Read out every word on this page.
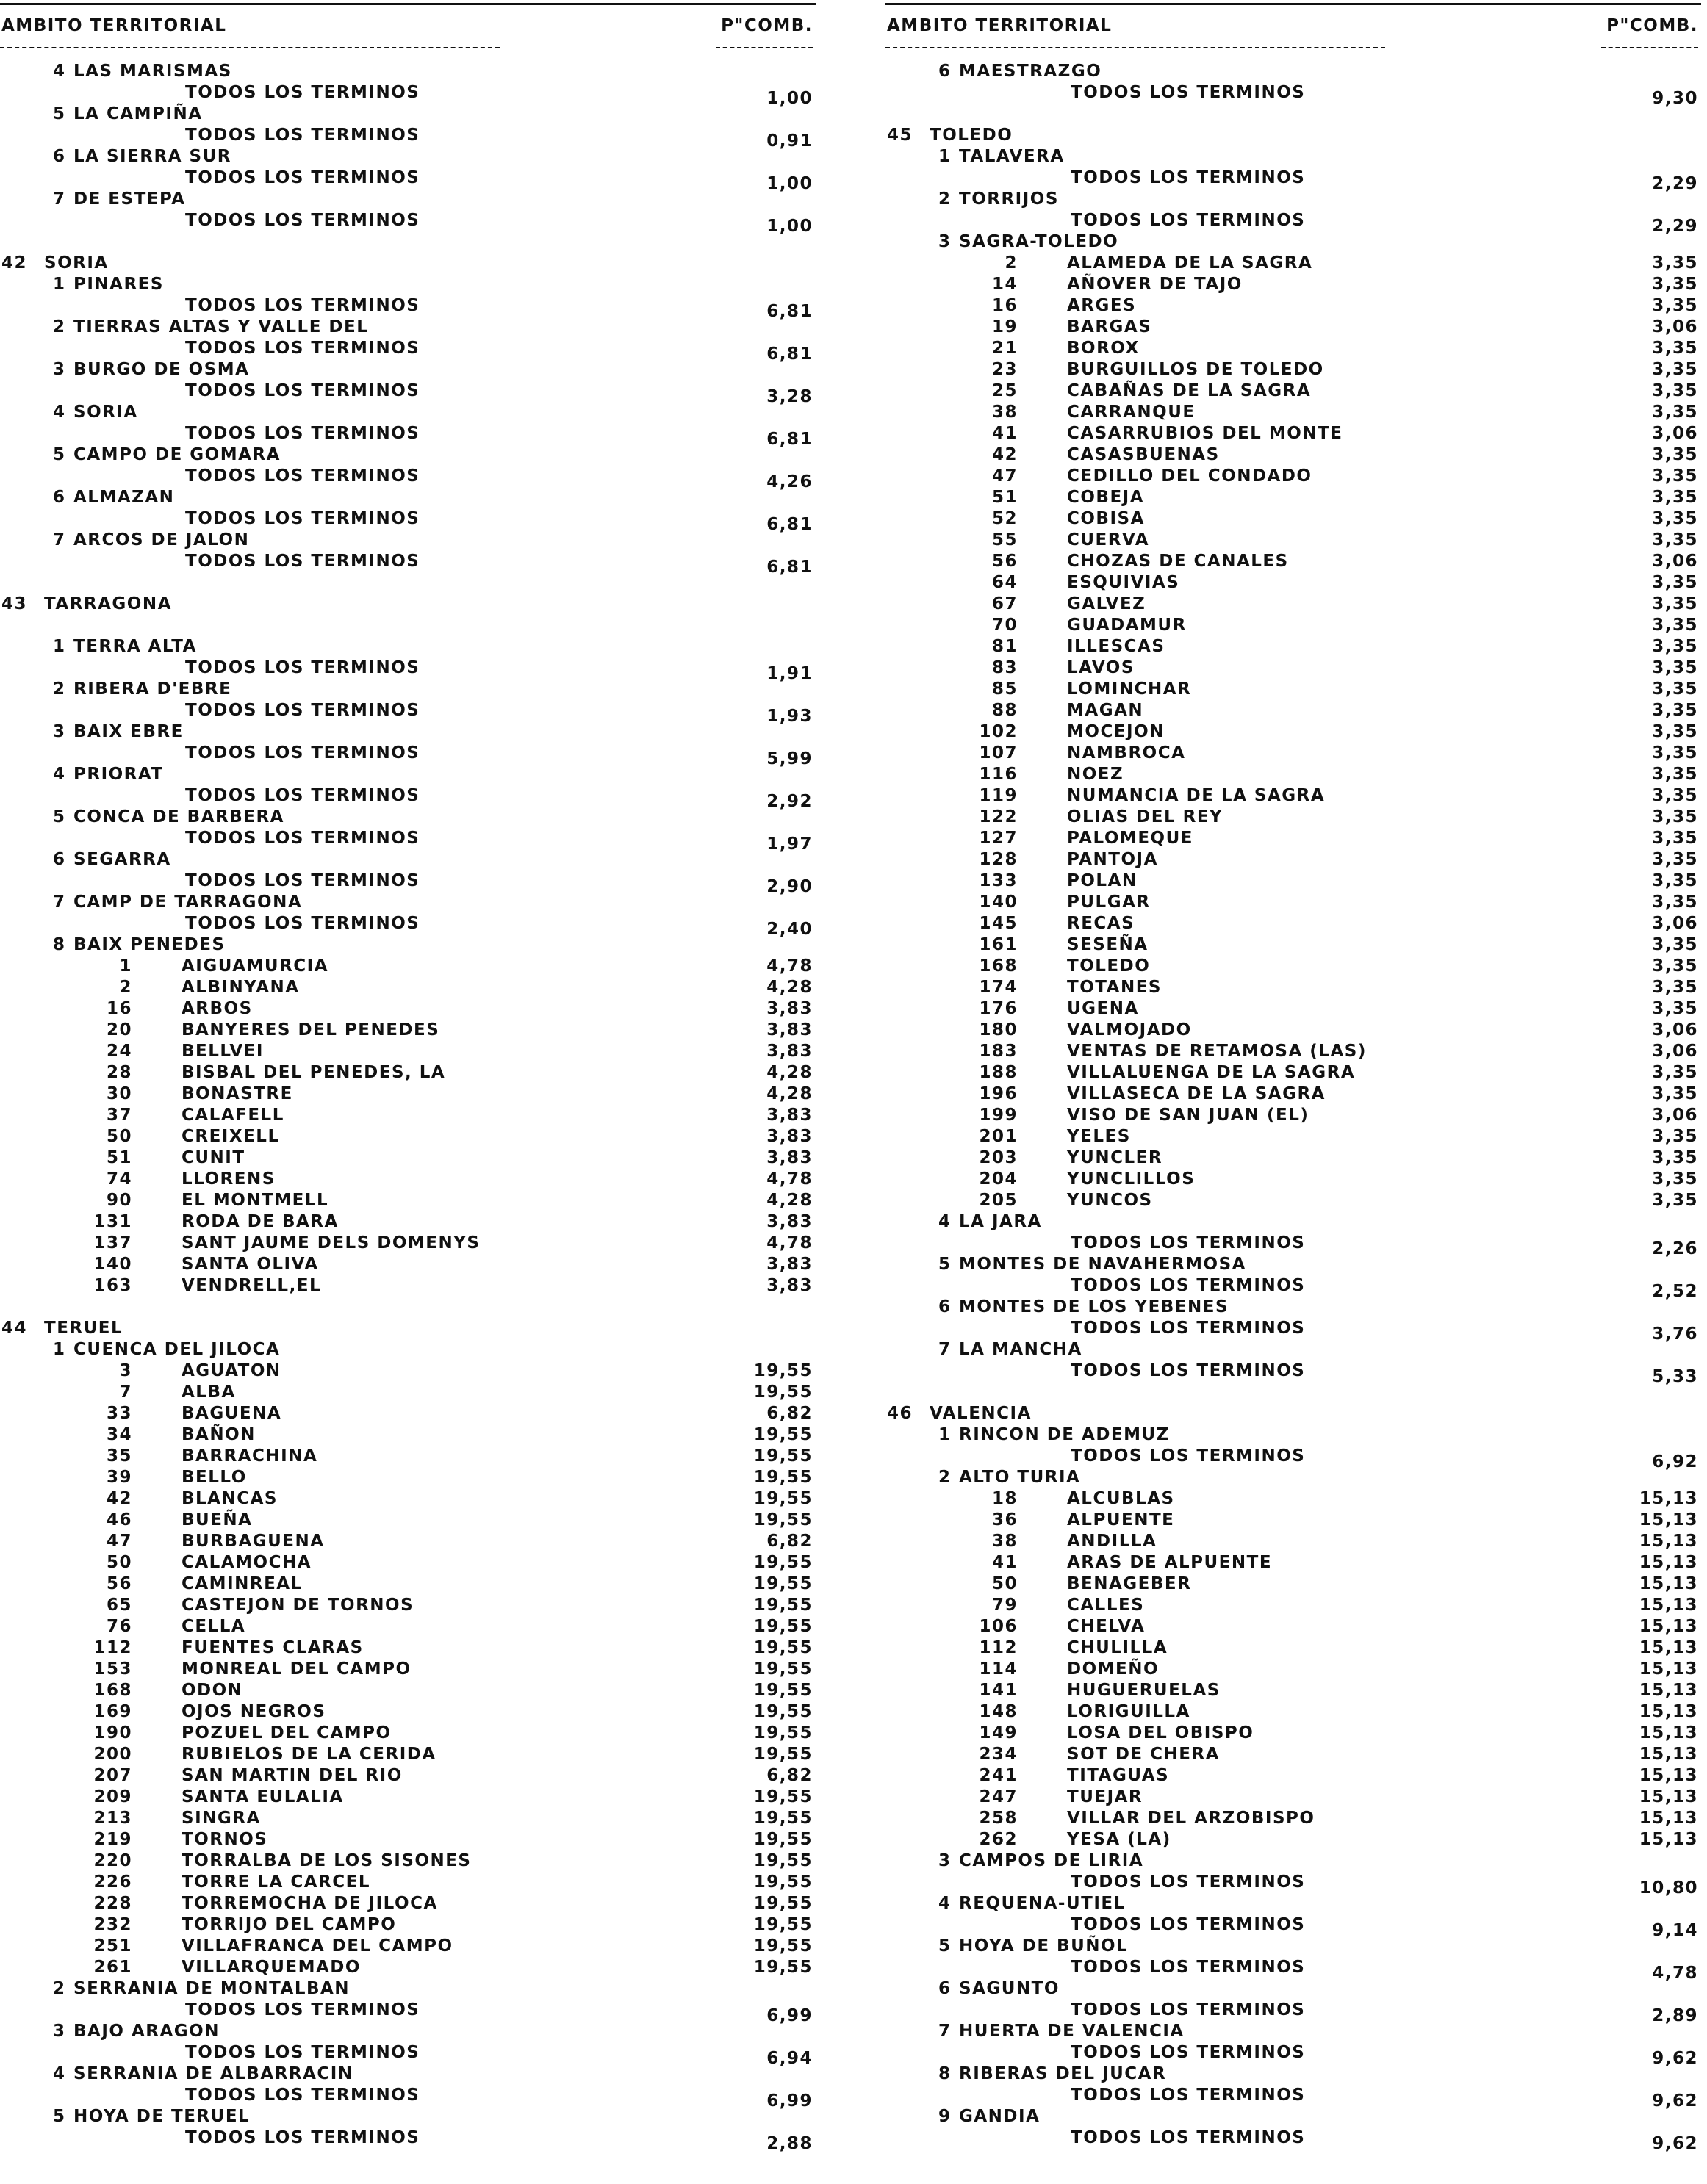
AMBITO TERRITORIAL	P"COMB.
4 LAS MARISMAS
TODOS LOS TERMINOS	1,00
5 LA CAMPIÑA
TODOS LOS TERMINOS	0,91
6 LA SIERRA SUR
TODOS LOS TERMINOS	1,00
7 DE ESTEPA
TODOS LOS TERMINOS	1,00
42 SORIA
1 PINARES
TODOS LOS TERMINOS	6,81
2 TIERRAS ALTAS Y VALLE DEL
TODOS LOS TERMINOS	6,81
3 BURGO DE OSMA
TODOS LOS TERMINOS	3,28
4 SORIA
TODOS LOS TERMINOS	6,81
5 CAMPO DE GOMARA
TODOS LOS TERMINOS	4,26
6 ALMAZAN
TODOS LOS TERMINOS	6,81
7 ARCOS DE JALON
TODOS LOS TERMINOS	6,81
43 TARRAGONA
1 TERRA ALTA
TODOS LOS TERMINOS	1,91
2 RIBERA D'EBRE
TODOS LOS TERMINOS	1,93
3 BAIX EBRE
TODOS LOS TERMINOS	5,99
4 PRIORAT
TODOS LOS TERMINOS	2,92
5 CONCA DE BARBERA
TODOS LOS TERMINOS	1,97
6 SEGARRA
TODOS LOS TERMINOS	2,90
7 CAMP DE TARRAGONA
TODOS LOS TERMINOS	2,40
8 BAIX PENEDES
1	AIGUAMURCIA	4,78
2	ALBINYANA	4,28
16	ARBOS	3,83
20	BANYERES DEL PENEDES	3,83
24	BELLVEI	3,83
28	BISBAL DEL PENEDES, LA	4,28
30	BONASTRE	4,28
37	CALAFELL	3,83
50	CREIXELL	3,83
51	CUNIT	3,83
74	LLORENS	4,78
90	EL MONTMELL	4,28
131	RODA DE BARA	3,83
137	SANT JAUME DELS DOMENYS	4,78
140	SANTA OLIVA	3,83
163	VENDRELL,EL	3,83
44 TERUEL
1 CUENCA DEL JILOCA
3	AGUATON	19,55
7	ALBA	19,55
33	BAGUENA	6,82
34	BAÑON	19,55
35	BARRACHINA	19,55
39	BELLO	19,55
42	BLANCAS	19,55
46	BUEÑA	19,55
47	BURBAGUENA	6,82
50	CALAMOCHA	19,55
56	CAMINREAL	19,55
65	CASTEJON DE TORNOS	19,55
76	CELLA	19,55
112	FUENTES CLARAS	19,55
153	MONREAL DEL CAMPO	19,55
168	ODON	19,55
169	OJOS NEGROS	19,55
190	POZUEL DEL CAMPO	19,55
200	RUBIELOS DE LA CERIDA	19,55
207	SAN MARTIN DEL RIO	6,82
209	SANTA EULALIA	19,55
213	SINGRA	19,55
219	TORNOS	19,55
220	TORRALBA DE LOS SISONES	19,55
226	TORRE LA CARCEL	19,55
228	TORREMOCHA DE JILOCA	19,55
232	TORRIJO DEL CAMPO	19,55
251	VILLAFRANCA DEL CAMPO	19,55
261	VILLARQUEMADO	19,55
2 SERRANIA DE MONTALBAN
TODOS LOS TERMINOS	6,99
3 BAJO ARAGON
TODOS LOS TERMINOS	6,94
4 SERRANIA DE ALBARRACIN
TODOS LOS TERMINOS	6,99
5 HOYA DE TERUEL
TODOS LOS TERMINOS	2,88
AMBITO TERRITORIAL	P"COMB.
6 MAESTRAZGO
TODOS LOS TERMINOS	9,30
45 TOLEDO
1 TALAVERA
TODOS LOS TERMINOS	2,29
2 TORRIJOS
TODOS LOS TERMINOS	2,29
3 SAGRA-TOLEDO
2	ALAMEDA DE LA SAGRA	3,35
14	AÑOVER DE TAJO	3,35
16	ARGES	3,35
19	BARGAS	3,06
21	BOROX	3,35
23	BURGUILLOS DE TOLEDO	3,35
25	CABAÑAS DE LA SAGRA	3,35
38	CARRANQUE	3,35
41	CASARRUBIOS DEL MONTE	3,06
42	CASASBUENAS	3,35
47	CEDILLO DEL CONDADO	3,35
51	COBEJA	3,35
52	COBISA	3,35
55	CUERVA	3,35
56	CHOZAS DE CANALES	3,06
64	ESQUIVIAS	3,35
67	GALVEZ	3,35
70	GUADAMUR	3,35
81	ILLESCAS	3,35
83	LAVOS	3,35
85	LOMINCHAR	3,35
88	MAGAN	3,35
102	MOCEJON	3,35
107	NAMBROCA	3,35
116	NOEZ	3,35
119	NUMANCIA DE LA SAGRA	3,35
122	OLIAS DEL REY	3,35
127	PALOMEQUE	3,35
128	PANTOJA	3,35
133	POLAN	3,35
140	PULGAR	3,35
145	RECAS	3,06
161	SESEÑA	3,35
168	TOLEDO	3,35
174	TOTANES	3,35
176	UGENA	3,35
180	VALMOJADO	3,06
183	VENTAS DE RETAMOSA (LAS)	3,06
188	VILLALUENGA DE LA SAGRA	3,35
196	VILLASECA DE LA SAGRA	3,35
199	VISO DE SAN JUAN (EL)	3,06
201	YELES	3,35
203	YUNCLER	3,35
204	YUNCLILLOS	3,35
205	YUNCOS	3,35
4 LA JARA
TODOS LOS TERMINOS	2,26
5 MONTES DE NAVAHERMOSA
TODOS LOS TERMINOS	2,52
6 MONTES DE LOS YEBENES
TODOS LOS TERMINOS	3,76
7 LA MANCHA
TODOS LOS TERMINOS	5,33
46 VALENCIA
1 RINCON DE ADEMUZ
TODOS LOS TERMINOS	6,92
2 ALTO TURIA
18	ALCUBLAS	15,13
36	ALPUENTE	15,13
38	ANDILLA	15,13
41	ARAS DE ALPUENTE	15,13
50	BENAGEBER	15,13
79	CALLES	15,13
106	CHELVA	15,13
112	CHULILLA	15,13
114	DOMEÑO	15,13
141	HUGUERUELAS	15,13
148	LORIGUILLA	15,13
149	LOSA DEL OBISPO	15,13
234	SOT DE CHERA	15,13
241	TITAGUAS	15,13
247	TUEJAR	15,13
258	VILLAR DEL ARZOBISPO	15,13
262	YESA (LA)	15,13
3 CAMPOS DE LIRIA
TODOS LOS TERMINOS	10,80
4 REQUENA-UTIEL
TODOS LOS TERMINOS	9,14
5 HOYA DE BUÑOL
TODOS LOS TERMINOS	4,78
6 SAGUNTO
TODOS LOS TERMINOS	2,89
7 HUERTA DE VALENCIA
TODOS LOS TERMINOS	9,62
8 RIBERAS DEL JUCAR
TODOS LOS TERMINOS	9,62
9 GANDIA
TODOS LOS TERMINOS	9,62
